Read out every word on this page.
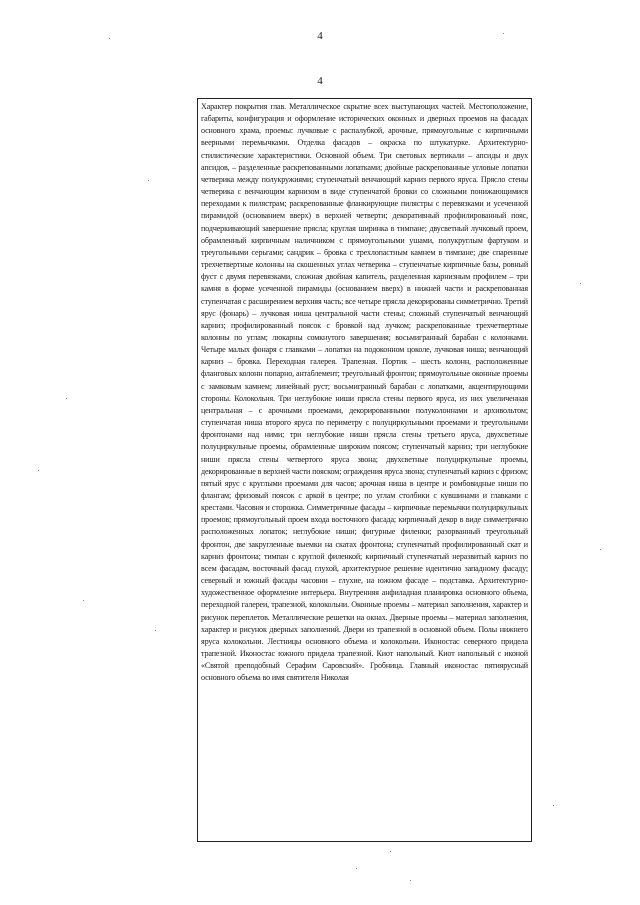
4
4

Характер покрытия глав. Металлическое скрытие всех выступающих частей. Местоположение, габариты, конфигурация и оформление исторических оконных и дверных проемов на фасадах основного храма, проемы: лучковые с распалубкой, арочные, прямоугольные с кирпичными веерными перемычками. Отделка фасадов – окраска по штукатурке. Архитектурно-стилистические характеристики. Основной объем. Три световых вертикали – апсиды и двух апсидов, – разделенные раскрепованными лопатками; двойные раскрепованные угловые лопатки четверика между полукружиями; ступенчатый венчающий карниз первого яруса. Прясло стены четверика с венчающим карнизом в виде ступенчатой бровки со сложными понижающимися переходами к пилястрам; раскрепованные фланкирующие пилястры с перевязками и усеченной пирамидой (основанием вверх) в верхней четверти; декоративный профилированный пояс, подчеркивающий завершение прясла; круглая ширинка в тимпане; двусветный лучковый проем, обрамленный кирпичным наличником с прямоугольными ушами, полукруглым фартуком и треугольными серьгами; сандрик – бровка с трехлопастным камнем в тимпане; две спаренные трехчетвертные колонны на скошенных углах четверика – ступенчатые кирпичные базы, ровный фуст с двумя перевязками, сложная двойная капитель, разделенная карнизным профилем – три камня в форме усеченной пирамиды (основанием вверх) в нижней части и раскрепованная ступенчатая с расширением верхняя часть; все четыре прясла декорированы симметрично. Третий ярус (фонарь) – лучковая ниша центральной части стены; сложный ступенчатый венчающий карниз; профилированный поясок с бровкой над лучком; раскрепованные трехчетвертные колонны по углам; люкарны сомкнутого завершения; восьмигранный барабан с колонками. Четыре малых фонаря с главками – лопатки на подоконном цоколе, лучковая ниша; венчающий карниз – бровка. Переходная галерея. Трапезная. Портик – шесть колонн, расположенные фланговых колонн попарно, антаблемент; треугольный фронтон; прямоугольные оконные проемы с замковым камнем; линейный руст; восьмигранный барабан с лопатками, акцентирующими стороны. Колокольня. Три неглубокие ниши прясла стены первого яруса, из них увеличенная центральная – с арочными проемами, декорированными полуколоннами и архивольтом; ступенчатая ниша второго яруса по периметру с полуциркульными проемами и треугольными фронтонами над ними; три неглубокие ниши прясла стены третьего яруса, двухсветные полуциркульные проемы, обрамленные широким поясом; ступенчатый карниз; три неглубокие ниши прясла стены четвертого яруса звона; двухсветные полуциркульные проемы, декорированные в верхней части пояском; ограждения яруса звона; ступенчатый карниз с фризом; пятый ярус с круглыми проемами для часов; арочная ниша в центре и ромбовидные ниши по флангам; фризовый поясок с аркой в центре; по углам столбики с кувшинами и главками с крестами. Часовня и сторожка. Симметричные фасады – кирпичные перемычки полуциркульных проемов; прямоугольный проем входа восточного фасада; кирпичный декор в виде симметрично расположенных лопаток; неглубокие ниши; фигурные филенки; разорванный треугольный фронтон, две закругленные выемки на скатах фронтона; ступенчатый профилированный скат и карниз фронтона; тимпан с круглой филенкой; кирпичный ступенчатый неразвитый карниз по всем фасадам, восточный фасад глухой, архитектурное решение идентично западному фасаду; северный и южный фасады часовни – глухие, на южном фасаде – подставка. Архитектурно-художественное оформление интерьера. Внутренняя анфиладная планировка основного объема, переходной галереи, трапезной, колокольни. Оконные проемы – материал заполнения, характер и рисунок переплетов. Металлические решетки на окнах. Дверные проемы – материал заполнения, характер и рисунок дверных заполнений. Двери из трапезной в основной объем. Полы нижнего яруса колокольни. Лестницы основного объема и колокольни. Иконостас северного придела трапезной. Иконостас южного придела трапезной. Киот напольный. Киот напольный с иконой «Святой преподобный Серафим Саровский». Гробница. Главный иконостас пятиярусный основного объема во имя святителя Николая
